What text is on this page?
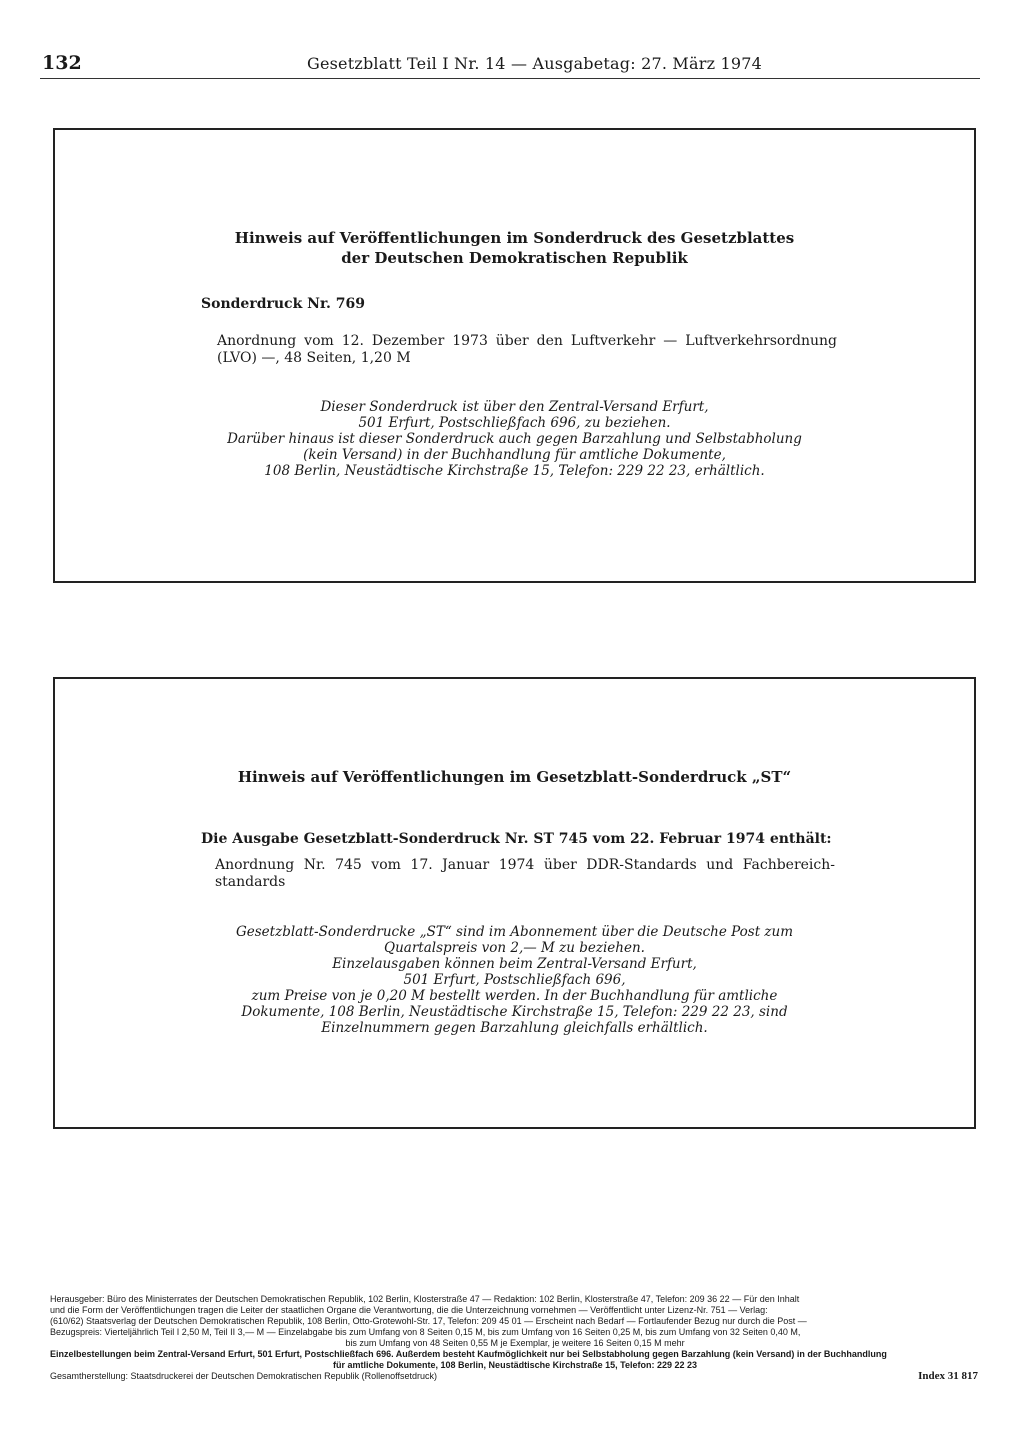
132	Gesetzblatt Teil I Nr. 14 — Ausgabetag: 27. März 1974
Hinweis auf Veröffentlichungen im Sonderdruck des Gesetzblattes
der Deutschen Demokratischen Republik
Sonderdruck Nr. 769
Anordnung vom 12. Dezember 1973 über den Luftverkehr — Luftverkehrsordnung
(LVO) —, 48 Seiten, 1,20 M
Dieser Sonderdruck ist über den Zentral-Versand Erfurt,
501 Erfurt, Postschließfach 696, zu beziehen.
Darüber hinaus ist dieser Sonderdruck auch gegen Barzahlung und Selbstabholung
(kein Versand) in der Buchhandlung für amtliche Dokumente,
108 Berlin, Neustädtische Kirchstraße 15, Telefon: 229 22 23, erhältlich.
Hinweis auf Veröffentlichungen im Gesetzblatt-Sonderdruck „ST“
Die Ausgabe Gesetzblatt-Sonderdruck Nr. ST 745 vom 22. Februar 1974 enthält:
Anordnung Nr. 745 vom 17. Januar 1974 über DDR-Standards und Fachbereich-
standards
Gesetzblatt-Sonderdrucke „ST“ sind im Abonnement über die Deutsche Post zum
Quartalspreis von 2,— M zu beziehen.
Einzelausgaben können beim Zentral-Versand Erfurt,
501 Erfurt, Postschließfach 696,
zum Preise von je 0,20 M bestellt werden. In der Buchhandlung für amtliche
Dokumente, 108 Berlin, Neustädtische Kirchstraße 15, Telefon: 229 22 23, sind
Einzelnummern gegen Barzahlung gleichfalls erhältlich.
Herausgeber: Büro des Ministerrates der Deutschen Demokratischen Republik, 102 Berlin, Klosterstraße 47 — Redaktion: 102 Berlin, Klosterstraße 47, Telefon: 209 36 22 — Für den Inhalt
und die Form der Veröffentlichungen tragen die Leiter der staatlichen Organe die Verantwortung, die die Unterzeichnung vornehmen — Veröffentlicht unter Lizenz-Nr. 751 — Verlag:
(610/62) Staatsverlag der Deutschen Demokratischen Republik, 108 Berlin, Otto-Grotewohl-Str. 17, Telefon: 209 45 01 — Erscheint nach Bedarf — Fortlaufender Bezug nur durch die Post —
Bezugspreis: Vierteljährlich Teil I 2,50 M, Teil II 3,— M — Einzelabgabe bis zum Umfang von 8 Seiten 0,15 M, bis zum Umfang von 16 Seiten 0,25 M, bis zum Umfang von 32 Seiten 0,40 M,
bis zum Umfang von 48 Seiten 0,55 M je Exemplar, je weitere 16 Seiten 0,15 M mehr
Einzelbestellungen beim Zentral-Versand Erfurt, 501 Erfurt, Postschließfach 696. Außerdem besteht Kaufmöglichkeit nur bei Selbstabholung gegen Barzahlung (kein Versand) in der Buchhandlung
für amtliche Dokumente, 108 Berlin, Neustädtische Kirchstraße 15, Telefon: 229 22 23
Gesamtherstellung: Staatsdruckerei der Deutschen Demokratischen Republik (Rollenoffsetdruck)	Index 31 817
